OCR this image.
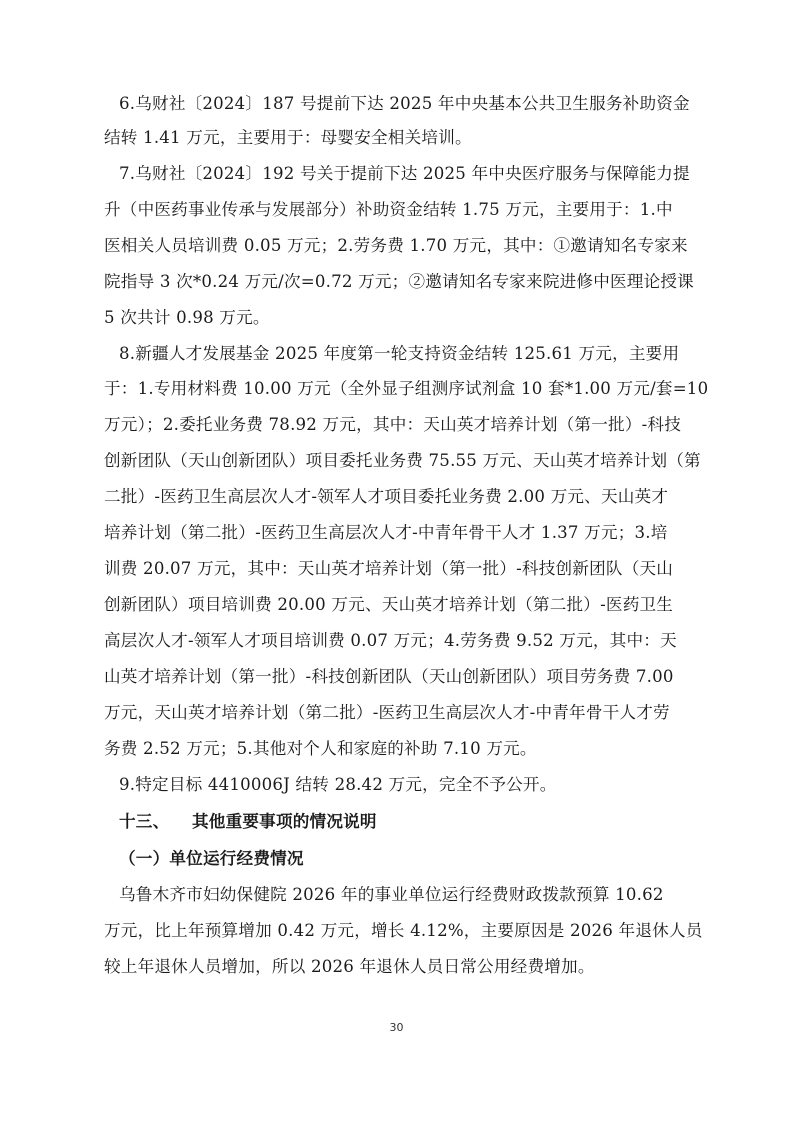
6.乌财社〔2024〕187 号提前下达 2025 年中央基本公共卫生服务补助资金
结转 1.41 万元，主要用于：母婴安全相关培训。
7.乌财社〔2024〕192 号关于提前下达 2025 年中央医疗服务与保障能力提
升（中医药事业传承与发展部分）补助资金结转 1.75 万元，主要用于：1.中
医相关人员培训费 0.05 万元；2.劳务费 1.70 万元，其中：①邀请知名专家来
院指导 3 次*0.24 万元/次=0.72 万元；②邀请知名专家来院进修中医理论授课
5 次共计 0.98 万元。
8.新疆人才发展基金 2025 年度第一轮支持资金结转 125.61 万元，主要用
于：1.专用材料费 10.00 万元（全外显子组测序试剂盒 10 套*1.00 万元/套=10
万元）；2.委托业务费 78.92 万元，其中：天山英才培养计划（第一批）-科技
创新团队（天山创新团队）项目委托业务费 75.55 万元、天山英才培养计划（第
二批）-医药卫生高层次人才-领军人才项目委托业务费 2.00 万元、天山英才
培养计划（第二批）-医药卫生高层次人才-中青年骨干人才 1.37 万元；3.培
训费 20.07 万元，其中：天山英才培养计划（第一批）-科技创新团队（天山
创新团队）项目培训费 20.00 万元、天山英才培养计划（第二批）-医药卫生
高层次人才-领军人才项目培训费 0.07 万元；4.劳务费 9.52 万元，其中：天
山英才培养计划（第一批）-科技创新团队（天山创新团队）项目劳务费 7.00
万元，天山英才培养计划（第二批）-医药卫生高层次人才-中青年骨干人才劳
务费 2.52 万元；5.其他对个人和家庭的补助 7.10 万元。
9.特定目标 4410006J 结转 28.42 万元，完全不予公开。
十三、 其他重要事项的情况说明
（一）单位运行经费情况
乌鲁木齐市妇幼保健院 2026 年的事业单位运行经费财政拨款预算 10.62
万元，比上年预算增加 0.42 万元，增长 4.12%，主要原因是 2026 年退休人员
较上年退休人员增加，所以 2026 年退休人员日常公用经费增加。
30
